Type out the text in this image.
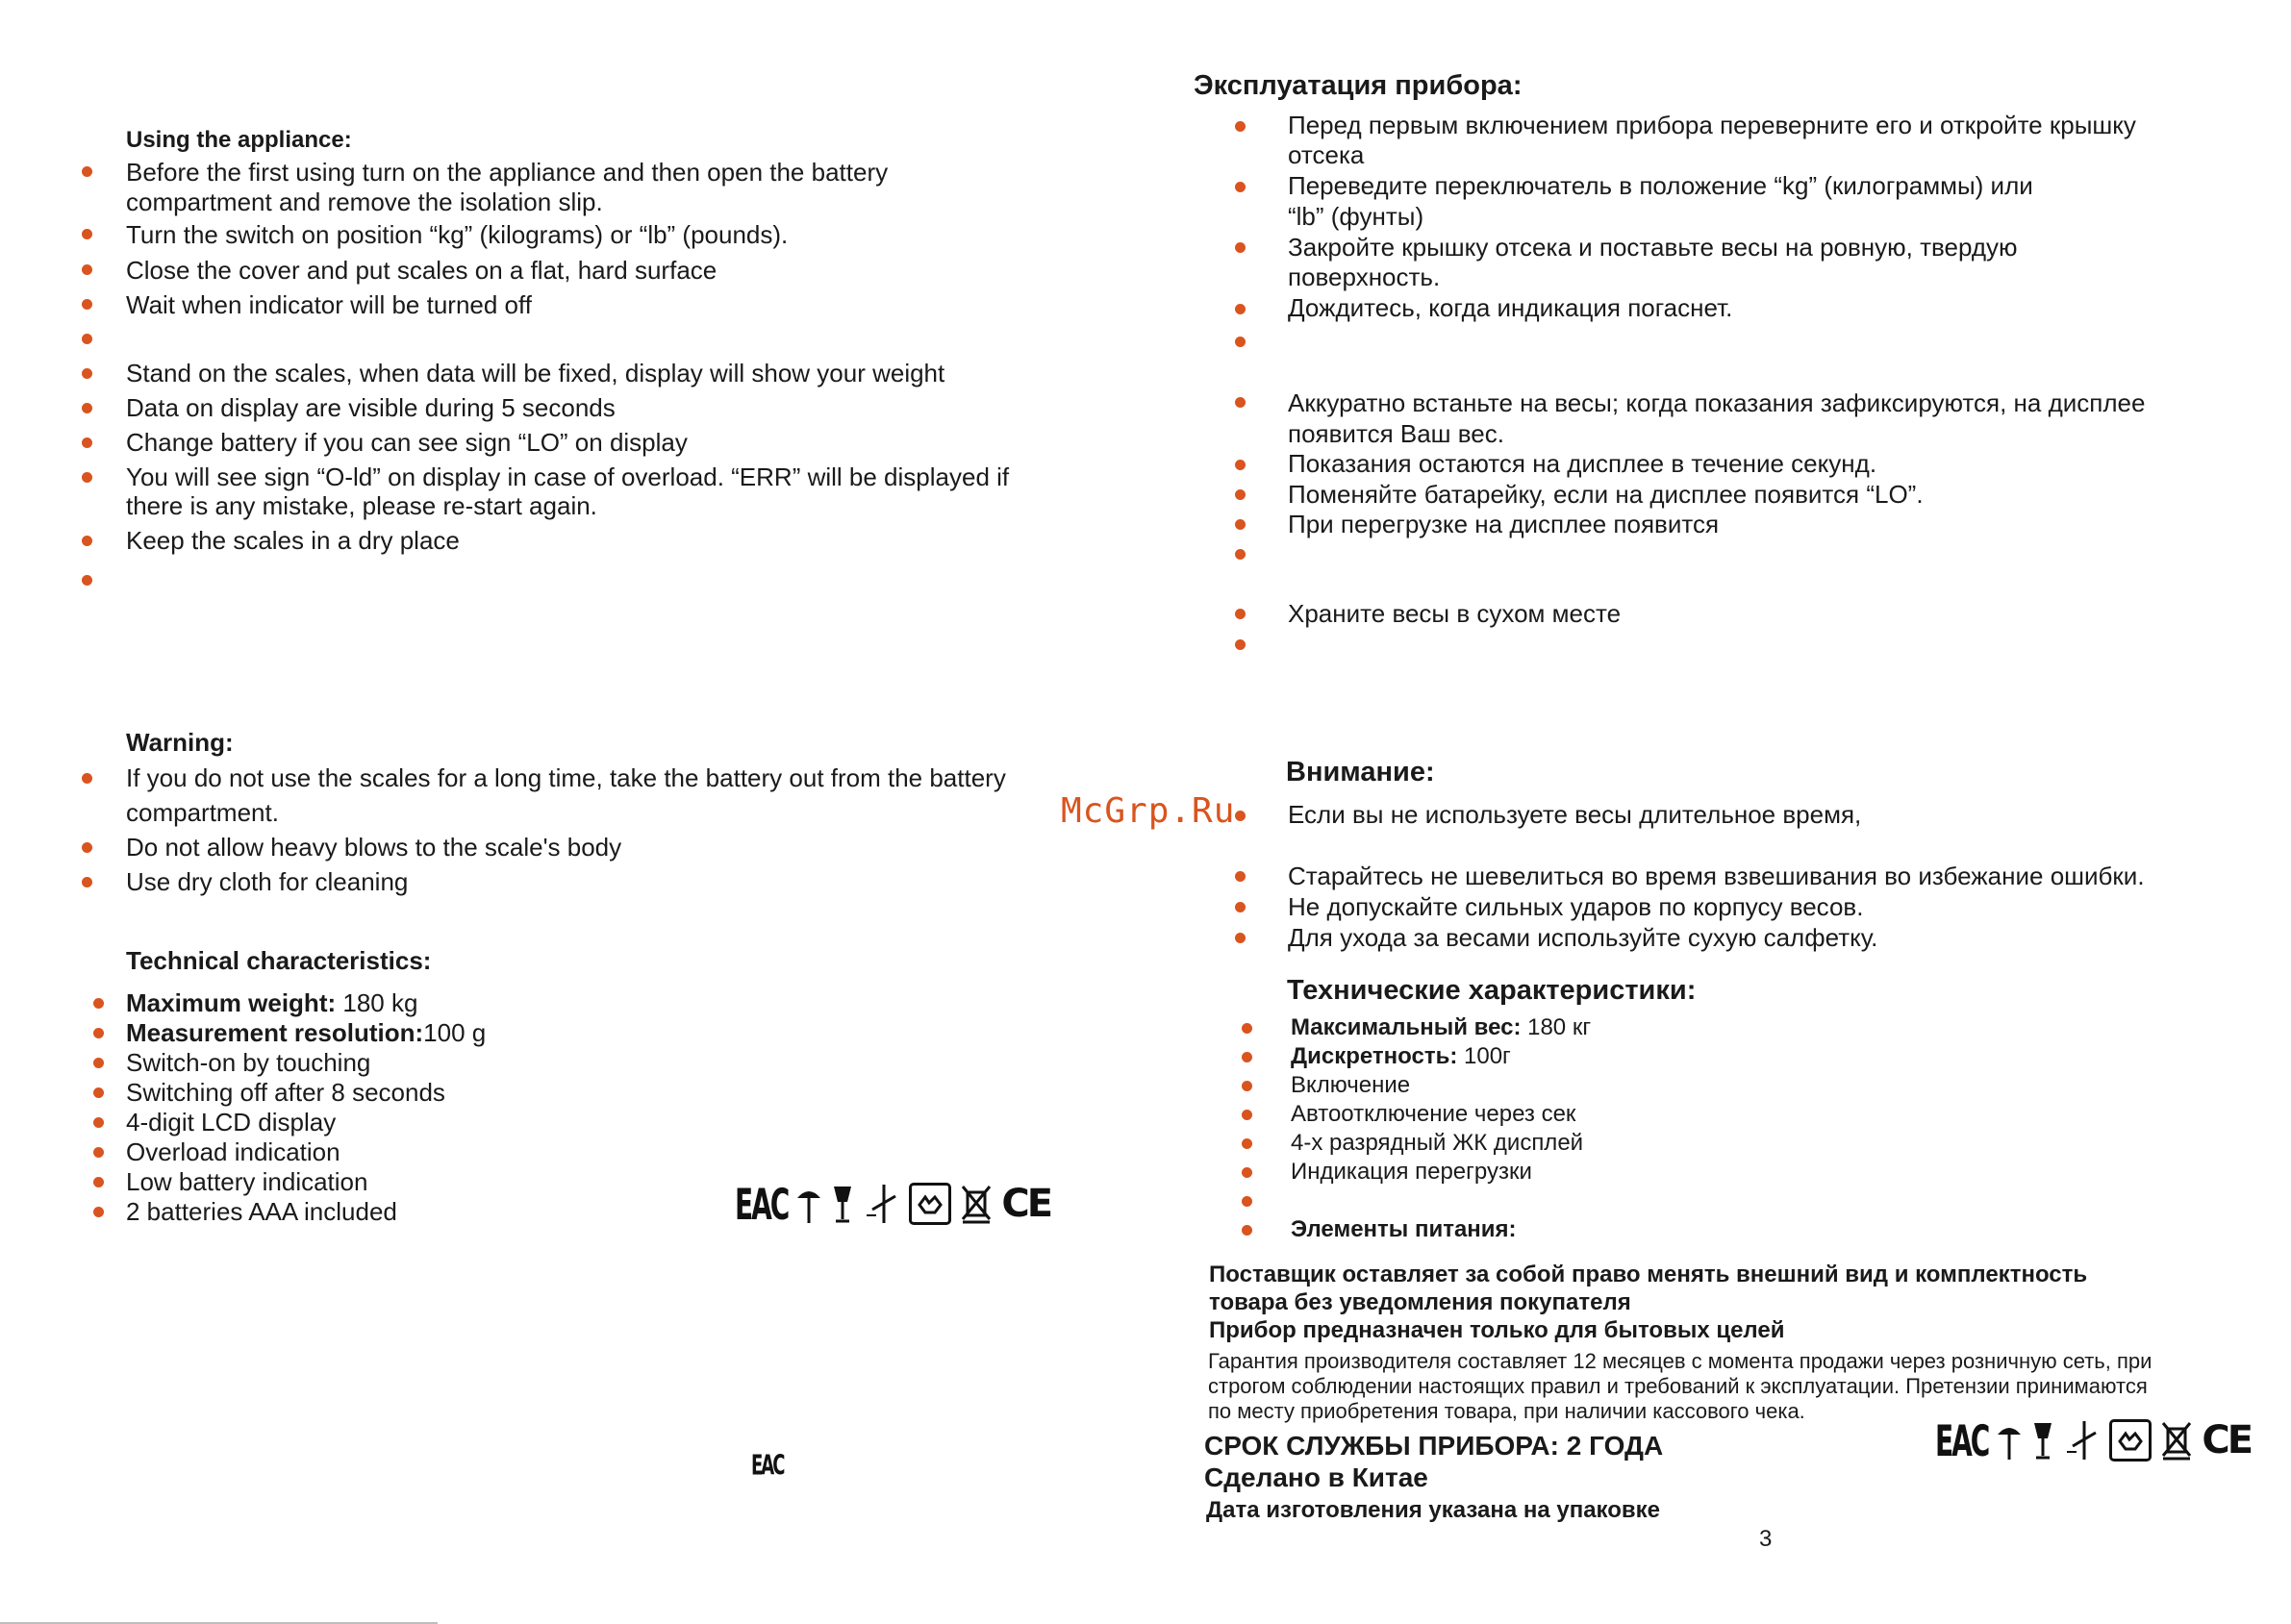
Using the appliance:
Before the first using turn on the appliance and then open the battery
compartment and remove the isolation slip.
Turn the switch on position “kg” (kilograms) or “lb” (pounds).
Close the cover and put scales on a flat, hard surface
Wait when indicator will be turned off
Stand on the scales, when data will be fixed, display will show your weight
Data on display are visible during 5 seconds
Change battery if you can see sign “LO” on display
You will see sign “O-ld” on display in case of overload. “ERR” will be displayed if
there is any mistake, please re-start again.
Keep the scales in a dry place
Warning:
If you do not use the scales for a long time, take the battery out from the battery
compartment.
Do not allow heavy blows to the scale's body
Use dry cloth for cleaning
Technical characteristics:
Maximum weight: 180 kg
Measurement resolution:100 g
Switch-on by touching
Switching off after 8 seconds
4-digit LCD display
Overload indication
Low battery indication
2 batteries AAA included	EAC	CE
EAC
Эксплуатация прибора:
Перед первым включением прибора переверните его и откройте крышку
отсека
Переведите переключатель в положение “kg” (килограммы) или
“lb” (фунты)
Закройте крышку отсека и поставьте весы на ровную, твердую
поверхность.
Дождитесь, когда индикация погаснет.
Аккуратно встаньте на весы; когда показания зафиксируются, на дисплее
появится Ваш вес.
Показания остаются на дисплее в течение секунд.
Поменяйте батарейку, если на дисплее появится “LO”.
При перегрузке на дисплее появится
Храните весы в сухом месте
Внимание:
Если вы не используете весы длительное время,
Старайтесь не шевелиться во время взвешивания во избежание ошибки.
Не допускайте сильных ударов по корпусу весов.
Для ухода за весами используйте сухую салфетку.
Технические характеристики:
Максимальный вес: 180 кг
Дискретность: 100г
Включение
Автоотключение через сек
4-х разрядный ЖК дисплей
Индикация перегрузки
Элементы питания:
Поставщик оставляет за собой право менять внешний вид и комплектность
товара без уведомления покупателя
Прибор предназначен только для бытовых целей
Гарантия производителя составляет 12 месяцев с момента продажи через розничную сеть, при
строгом соблюдении настоящих правил и требований к эксплуатации. Претензии принимаются
по месту приобретения товара, при наличии кассового чека.
СРОК СЛУЖБЫ ПРИБОРА: 2 ГОДА
Сделано в Китае
Дата изготовления указана на упаковке
3
EAC	CE
McGrp.Ru
